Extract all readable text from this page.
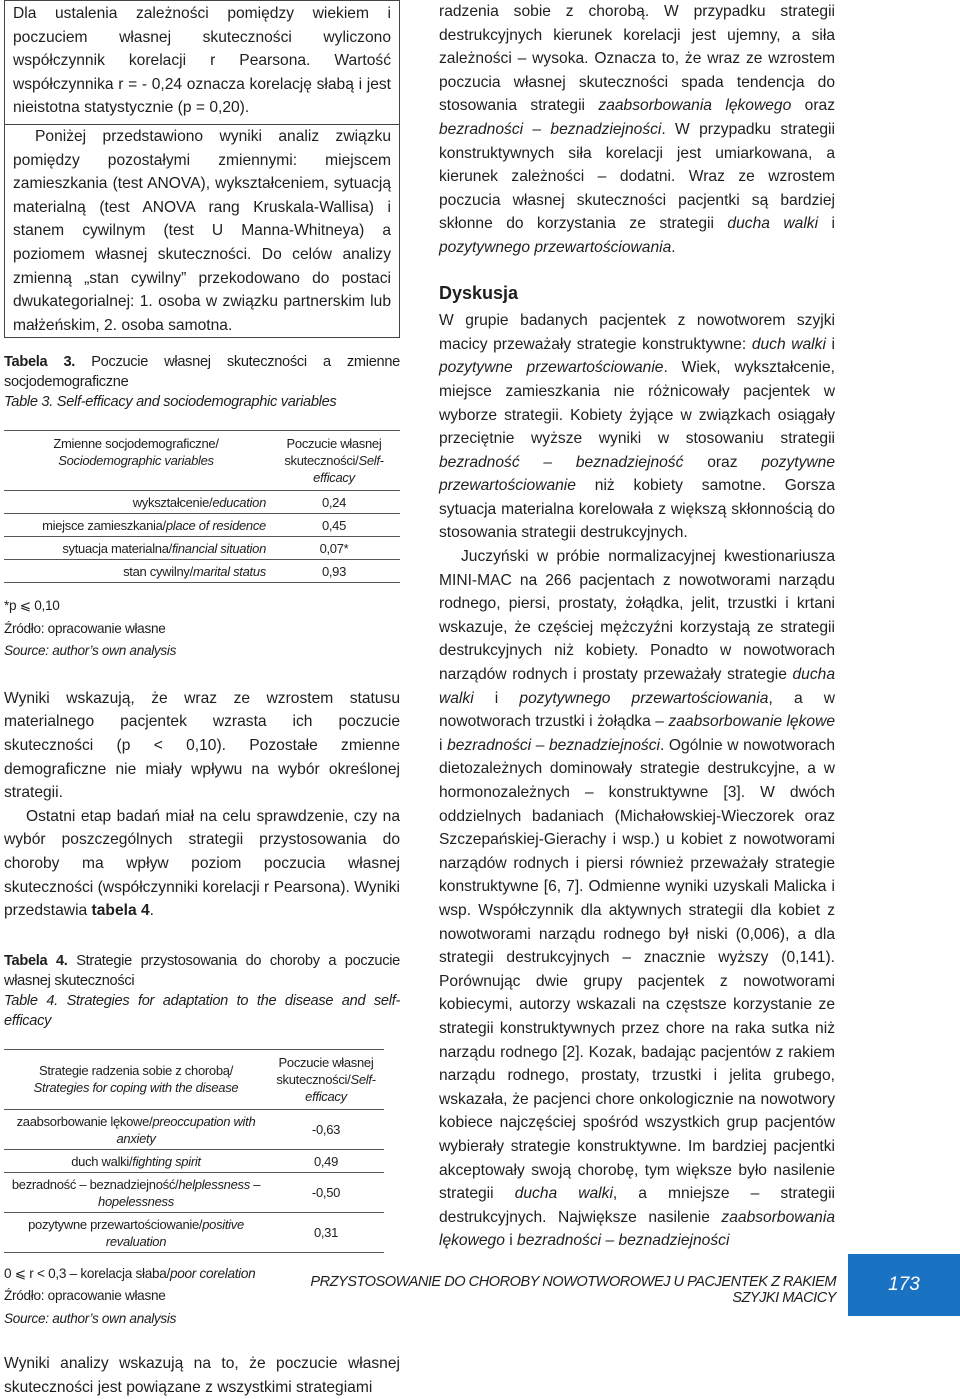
Dla ustalenia zależności pomiędzy wiekiem i poczuciem własnej skuteczności wyliczono współczynnik korelacji r Pearsona. Wartość współczynnika r = - 0,24 oznacza korelację słabą i jest nieistotna statystycznie (p = 0,20).

Poniżej przedstawiono wyniki analiz związku pomiędzy pozostałymi zmiennymi: miejscem zamieszkania (test ANOVA), wykształceniem, sytuacją materialną (test ANOVA rang Kruskala-Wallisa) i stanem cywilnym (test U Manna-Whitneya) a poziomem własnej skuteczności. Do celów analizy zmienną „stan cywilny” przekodowano do postaci dwukategorialnej: 1. osoba w związku partnerskim lub małżeńskim, 2. osoba samotna.

Tabela 3. Poczucie własnej skuteczności a zmienne socjodemograficzne

Table 3. Self-efficacy and sociodemographic variables

Zmienne socjodemograficzne/
Sociodemographic variables	Poczucie własnej skuteczności/Self-efficacy
wykształcenie/education	0,24
miejsce zamieszkania/place of residence	0,45
sytuacja materialna/financial situation	0,07*
stan cywilny/marital status	0,93

*p ⩽ 0,10

Źródło: opracowanie własne

Source: author’s own analysis

Wyniki wskazują, że wraz ze wzrostem statusu materialnego pacjentek wzrasta ich poczucie skuteczności (p < 0,10). Pozostałe zmienne demograficzne nie miały wpływu na wybór określonej strategii.

Ostatni etap badań miał na celu sprawdzenie, czy na wybór poszczególnych strategii przystosowania do choroby ma wpływ poziom poczucia własnej skuteczności (współczynniki korelacji r Pearsona). Wyniki przedstawia tabela 4.

Tabela 4. Strategie przystosowania do choroby a poczucie własnej skuteczności

Table 4. Strategies for adaptation to the disease and self-efficacy

Strategie radzenia sobie z chorobą/
Strategies for coping with the disease	Poczucie własnej skuteczności/Self-efficacy
zaabsorbowanie lękowe/preoccupation with anxiety	-0,63
duch walki/fighting spirit	0,49
bezradność – beznadziejność/helplessness – hopelessness	-0,50
pozytywne przewartościowanie/positive revaluation	0,31

0 ⩽ r < 0,3 – korelacja słaba/poor corelation

Źródło: opracowanie własne

Source: author’s own analysis

Wyniki analizy wskazują na to, że poczucie własnej skuteczności jest powiązane z wszystkimi strategiami

radzenia sobie z chorobą. W przypadku strategii destrukcyjnych kierunek korelacji jest ujemny, a siła zależności – wysoka. Oznacza to, że wraz ze wzrostem poczucia własnej skuteczności spada tendencja do stosowania strategii zaabsorbowania lękowego oraz bezradności – beznadziejności. W przypadku strategii konstruktywnych siła korelacji jest umiarkowana, a kierunek zależności – dodatni. Wraz ze wzrostem poczucia własnej skuteczności pacjentki są bardziej skłonne do korzystania ze strategii ducha walki i pozytywnego przewartościowania.

Dyskusja

W grupie badanych pacjentek z nowotworem szyjki macicy przeważały strategie konstruktywne: duch walki i pozytywne przewartościowanie. Wiek, wykształcenie, miejsce zamieszkania nie różnicowały pacjentek w wyborze strategii. Kobiety żyjące w związkach osiągały przeciętnie wyższe wyniki w stosowaniu strategii bezradność – beznadziejność oraz pozytywne przewartościowanie niż kobiety samotne. Gorsza sytuacja materialna korelowała z większą skłonnością do stosowania strategii destrukcyjnych.

Juczyński w próbie normalizacyjnej kwestionariusza MINI-MAC na 266 pacjentach z nowotworami narządu rodnego, piersi, prostaty, żołądka, jelit, trzustki i krtani wskazuje, że częściej mężczyźni korzystają ze strategii destrukcyjnych niż kobiety. Ponadto w nowotworach narządów rodnych i prostaty przeważały strategie ducha walki i pozytywnego przewartościowania, a w nowotworach trzustki i żołądka – zaabsorbowanie lękowe i bezradności – beznadziejności. Ogólnie w nowotworach dietozależnych dominowały strategie destrukcyjne, a w hormonozależnych – konstruktywne [3]. W dwóch oddzielnych badaniach (Michałowskiej-Wieczorek oraz Szczepańskiej-Gierachy i wsp.) u kobiet z nowotworami narządów rodnych i piersi również przeważały strategie konstruktywne [6, 7]. Odmienne wyniki uzyskali Malicka i wsp. Współczynnik dla aktywnych strategii dla kobiet z nowotworami narządu rodnego był niski (0,006), a dla strategii destrukcyjnych – znacznie wyższy (0,141). Porównując dwie grupy pacjentek z nowotworami kobiecymi, autorzy wskazali na częstsze korzystanie ze strategii konstruktywnych przez chore na raka sutka niż narządu rodnego [2]. Kozak, badając pacjentów z rakiem narządu rodnego, prostaty, trzustki i jelita grubego, wskazała, że pacjenci chore onkologicznie na nowotwory kobiece najczęściej spośród wszystkich grup pacjentów wybierały strategie konstruktywne. Im bardziej pacjentki akceptowały swoją chorobę, tym większe było nasilenie strategii ducha walki, a mniejsze – strategii destrukcyjnych. Największe nasilenie zaabsorbowania lękowego i bezradności – beznadziejności

PRZYSTOSOWANIE DO CHOROBY NOWOTWOROWEJ U PACJENTEK Z RAKIEM SZYJKI MACICY
173
